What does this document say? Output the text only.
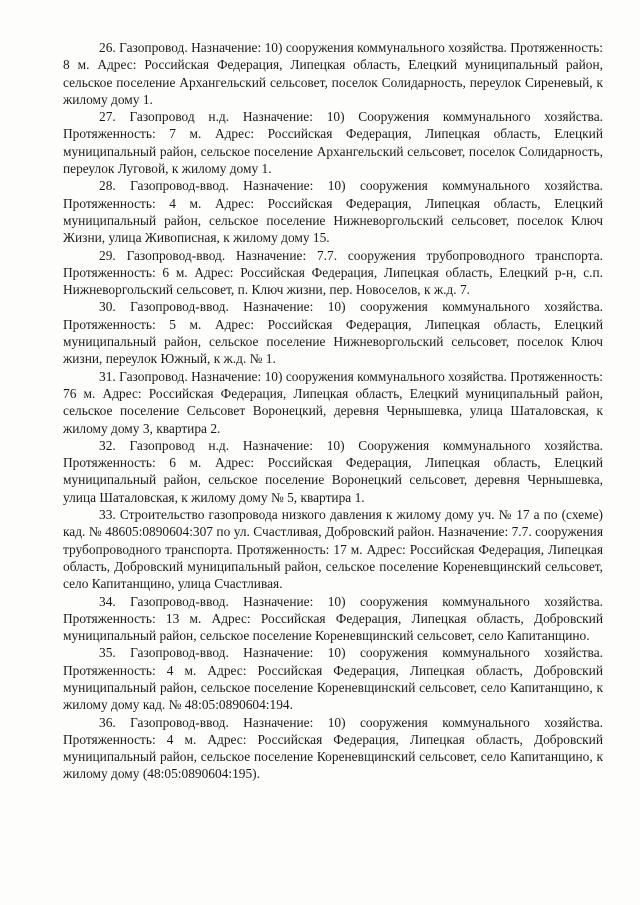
26. Газопровод. Назначение: 10) сооружения коммунального хозяйства. Протяженность: 8 м. Адрес: Российская Федерация, Липецкая область, Елецкий муниципальный район, сельское поселение Архангельский сельсовет, поселок Солидарность, переулок Сиреневый, к жилому дому 1.

27. Газопровод н.д. Назначение: 10) Сооружения коммунального хозяйства. Протяженность: 7 м. Адрес: Российская Федерация, Липецкая область, Елецкий муниципальный район, сельское поселение Архангельский сельсовет, поселок Солидарность, переулок Луговой, к жилому дому 1.

28. Газопровод-ввод. Назначение: 10) сооружения коммунального хозяйства. Протяженность: 4 м. Адрес: Российская Федерация, Липецкая область, Елецкий муниципальный район, сельское поселение Нижневоргольский сельсовет, поселок Ключ Жизни, улица Живописная, к жилому дому 15.

29. Газопровод-ввод. Назначение: 7.7. сооружения трубопроводного транспорта. Протяженность: 6 м. Адрес: Российская Федерация, Липецкая область, Елецкий р-н, с.п. Нижневоргольский сельсовет, п. Ключ жизни, пер. Новоселов, к ж.д. 7.

30. Газопровод-ввод. Назначение: 10) сооружения коммунального хозяйства. Протяженность: 5 м. Адрес: Российская Федерация, Липецкая область, Елецкий муниципальный район, сельское поселение Нижневоргольский сельсовет, поселок Ключ жизни, переулок Южный, к ж.д. № 1.

31. Газопровод. Назначение: 10) сооружения коммунального хозяйства. Протяженность: 76 м. Адрес: Российская Федерация, Липецкая область, Елецкий муниципальный район, сельское поселение Сельсовет Воронецкий, деревня Чернышевка, улица Шаталовская, к жилому дому 3, квартира 2.

32. Газопровод н.д. Назначение: 10) Сооружения коммунального хозяйства. Протяженность: 6 м. Адрес: Российская Федерация, Липецкая область, Елецкий муниципальный район, сельское поселение Воронецкий сельсовет, деревня Чернышевка, улица Шаталовская, к жилому дому № 5, квартира 1.

33. Строительство газопровода низкого давления к жилому дому уч. № 17 а по (схеме) кад. № 48605:0890604:307 по ул. Счастливая, Добровский район. Назначение: 7.7. сооружения трубопроводного транспорта. Протяженность: 17 м. Адрес: Российская Федерация, Липецкая область, Добровский муниципальный район, сельское поселение Кореневщинский сельсовет, село Капитанщино, улица Счастливая.

34. Газопровод-ввод. Назначение: 10) сооружения коммунального хозяйства. Протяженность: 13 м. Адрес: Российская Федерация, Липецкая область, Добровский муниципальный район, сельское поселение Кореневщинский сельсовет, село Капитанщино.

35. Газопровод-ввод. Назначение: 10) сооружения коммунального хозяйства. Протяженность: 4 м. Адрес: Российская Федерация, Липецкая область, Добровский муниципальный район, сельское поселение Кореневщинский сельсовет, село Капитанщино, к жилому дому кад. № 48:05:0890604:194.

36. Газопровод-ввод. Назначение: 10) сооружения коммунального хозяйства. Протяженность: 4 м. Адрес: Российская Федерация, Липецкая область, Добровский муниципальный район, сельское поселение Кореневщинский сельсовет, село Капитанщино, к жилому дому (48:05:0890604:195).
